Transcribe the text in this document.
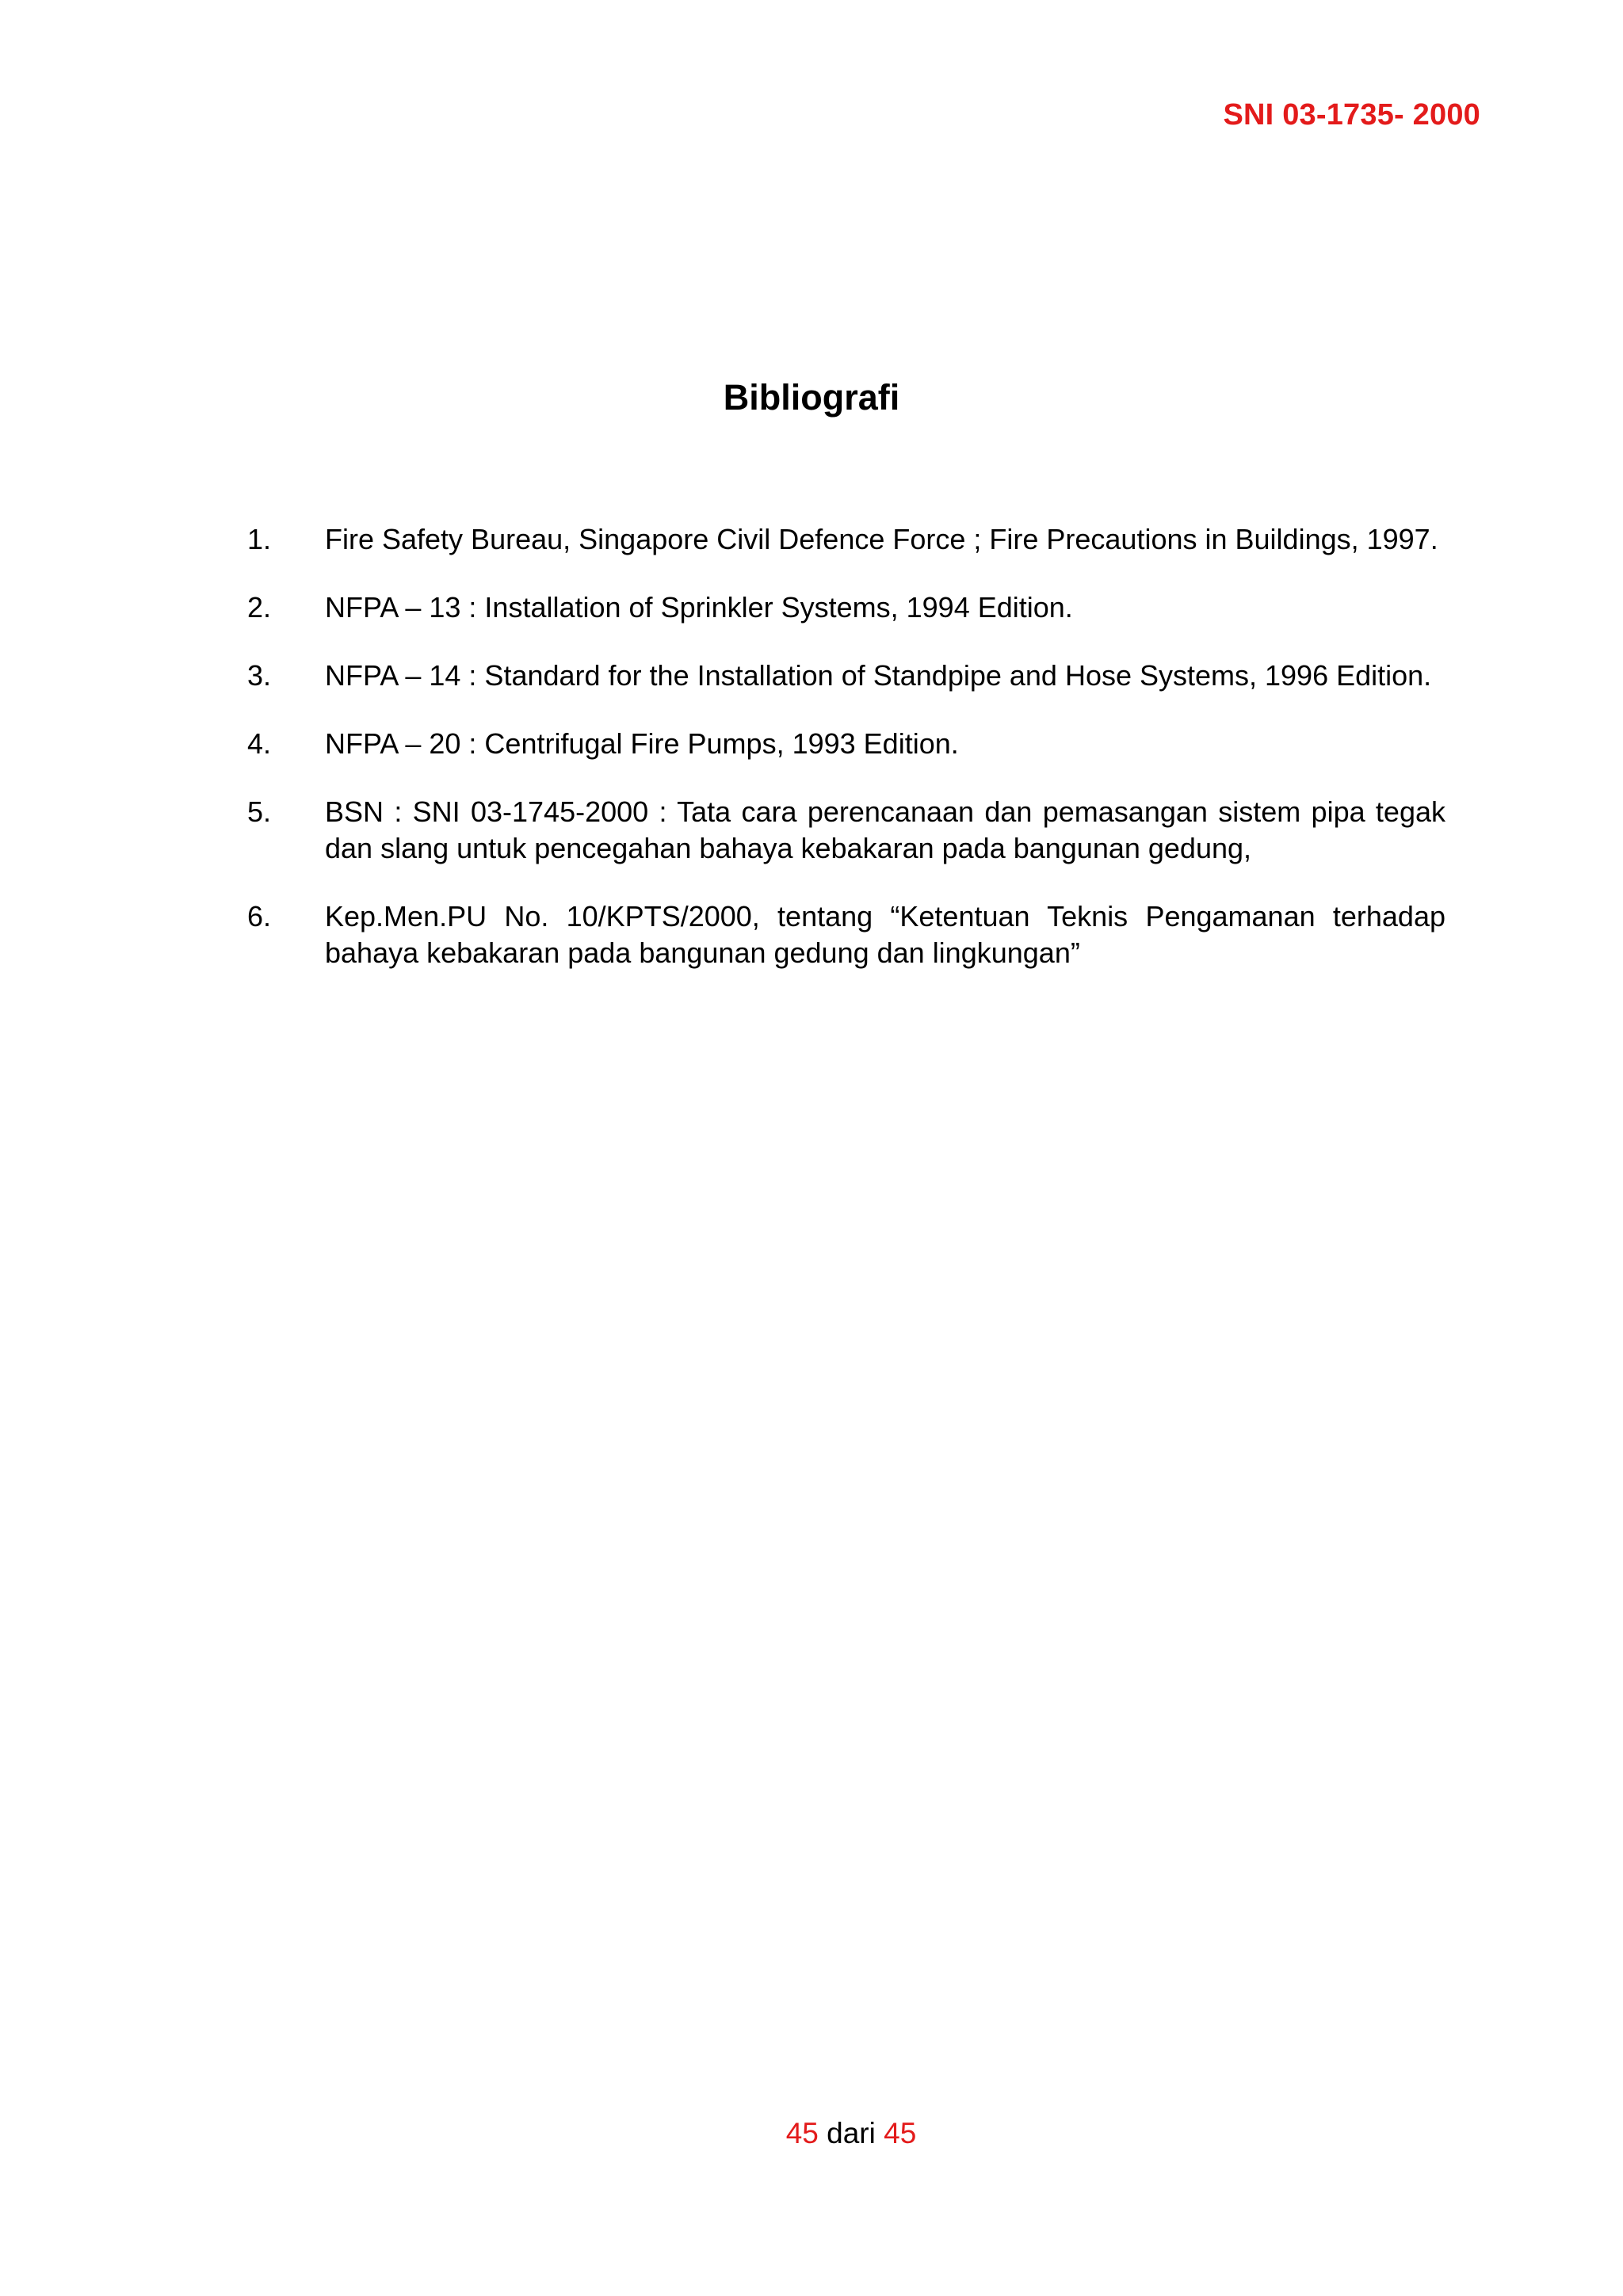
SNI 03-1735- 2000
Bibliografi
1.	Fire Safety Bureau, Singapore Civil Defence Force ; Fire Precautions in Buildings, 1997.
2.	NFPA – 13 : Installation of Sprinkler Systems, 1994 Edition.
3.	NFPA – 14 : Standard for the Installation of Standpipe and Hose Systems, 1996 Edition.
4.	NFPA – 20 : Centrifugal Fire Pumps, 1993 Edition.
5.	BSN : SNI 03-1745-2000 : Tata cara perencanaan dan pemasangan sistem pipa tegak dan slang untuk pencegahan bahaya kebakaran pada bangunan gedung,
6.	Kep.Men.PU No. 10/KPTS/2000, tentang “Ketentuan Teknis Pengamanan terhadap bahaya kebakaran pada bangunan gedung dan lingkungan”
45 dari 45
